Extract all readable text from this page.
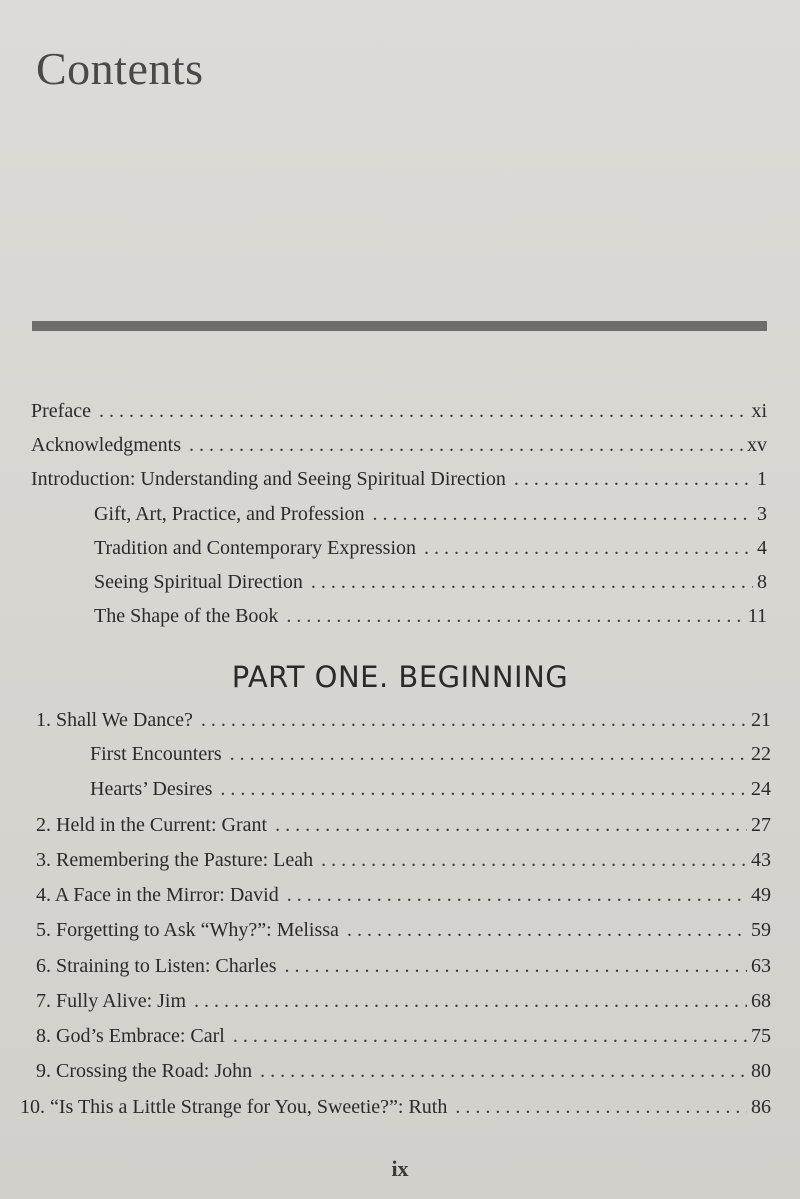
Contents
Preface . . .	xi
Acknowledgments . . .	xv
Introduction: Understanding and Seeing Spiritual Direction . . .	1
Gift, Art, Practice, and Profession . . .	3
Tradition and Contemporary Expression . . .	4
Seeing Spiritual Direction . . .	8
The Shape of the Book . . .	11
PART ONE. BEGINNING
1. Shall We Dance? . . .	21
First Encounters . . .	22
Hearts’ Desires . . .	24
2. Held in the Current: Grant . . .	27
3. Remembering the Pasture: Leah . . .	43
4. A Face in the Mirror: David . . .	49
5. Forgetting to Ask “Why?”: Melissa . . .	59
6. Straining to Listen: Charles . . .	63
7. Fully Alive: Jim . . .	68
8. God’s Embrace: Carl . . .	75
9. Crossing the Road: John . . .	80
10. “Is This a Little Strange for You, Sweetie?”: Ruth . . .	86
ix
